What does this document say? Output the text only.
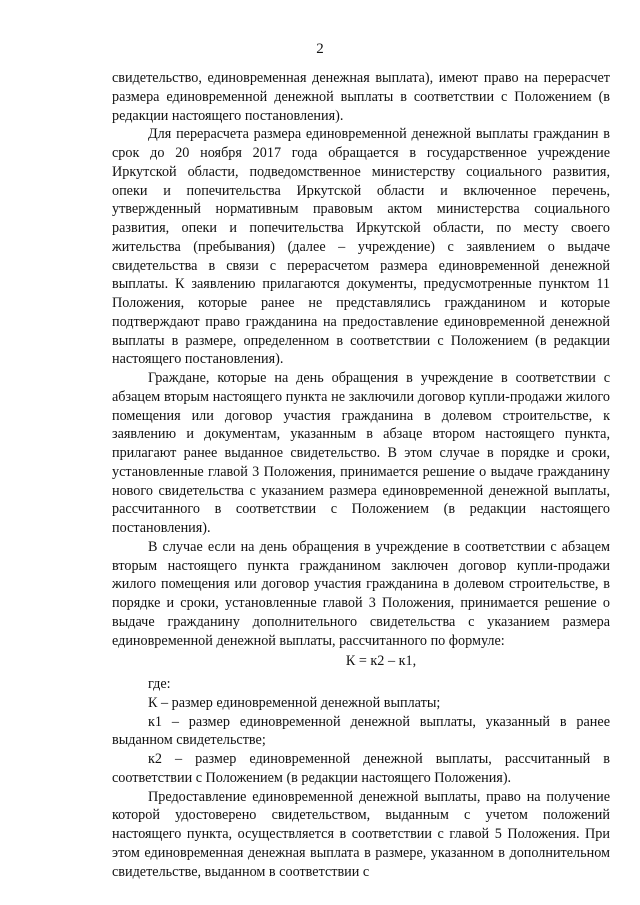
2

свидетельство, единовременная денежная выплата), имеют право на перерасчет размера единовременной денежной выплаты в соответствии с Положением (в редакции настоящего постановления).

Для перерасчета размера единовременной денежной выплаты гражданин в срок до 20 ноября 2017 года обращается в государственное учреждение Иркутской области, подведомственное министерству социального развития, опеки и попечительства Иркутской области и включенное перечень, утвержденный нормативным правовым актом министерства социального развития, опеки и попечительства Иркутской области, по месту своего жительства (пребывания) (далее – учреждение) с заявлением о выдаче свидетельства в связи с перерасчетом размера единовременной денежной выплаты. К заявлению прилагаются документы, предусмотренные пунктом 11 Положения, которые ранее не представлялись гражданином и которые подтверждают право гражданина на предоставление единовременной денежной выплаты в размере, определенном в соответствии с Положением (в редакции настоящего постановления).

Граждане, которые на день обращения в учреждение в соответствии с абзацем вторым настоящего пункта не заключили договор купли-продажи жилого помещения или договор участия гражданина в долевом строительстве, к заявлению и документам, указанным в абзаце втором настоящего пункта, прилагают ранее выданное свидетельство. В этом случае в порядке и сроки, установленные главой 3 Положения, принимается решение о выдаче гражданину нового свидетельства с указанием размера единовременной денежной выплаты, рассчитанного в соответствии с Положением (в редакции настоящего постановления).

В случае если на день обращения в учреждение в соответствии с абзацем вторым настоящего пункта гражданином заключен договор купли-продажи жилого помещения или договор участия гражданина в долевом строительстве, в порядке и сроки, установленные главой 3 Положения, принимается решение о выдаче гражданину дополнительного свидетельства с указанием размера единовременной денежной выплаты, рассчитанного по формуле:

К = к2 – к1,

где:

К – размер единовременной денежной выплаты;

к1 – размер единовременной денежной выплаты, указанный в ранее выданном свидетельстве;

к2 – размер единовременной денежной выплаты, рассчитанный в соответствии с Положением (в редакции настоящего Положения).

Предоставление единовременной денежной выплаты, право на получение которой удостоверено свидетельством, выданным с учетом положений настоящего пункта, осуществляется в соответствии с главой 5 Положения. При этом единовременная денежная выплата в размере, указанном в дополнительном свидетельстве, выданном в соответствии с
